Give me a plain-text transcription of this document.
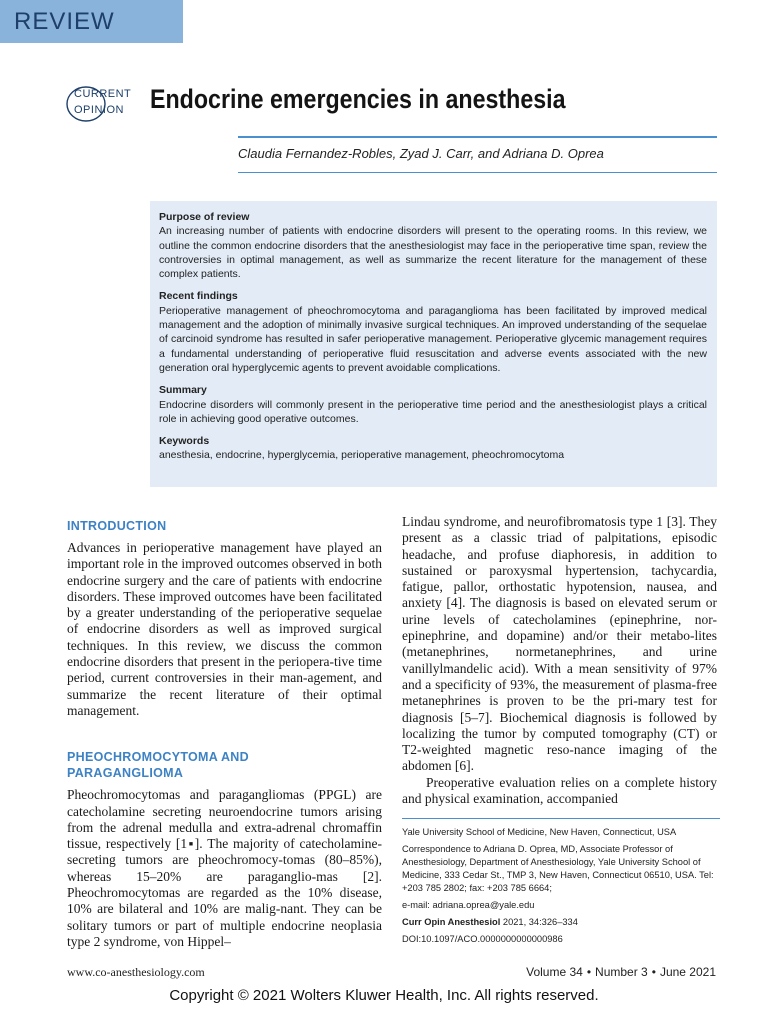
REVIEW
CURRENT
OPINION Endocrine emergencies in anesthesia
Claudia Fernandez-Robles, Zyad J. Carr, and Adriana D. Oprea
Purpose of review

An increasing number of patients with endocrine disorders will present to the operating rooms. In this review, we outline the common endocrine disorders that the anesthesiologist may face in the perioperative time span, review the controversies in optimal management, as well as summarize the recent literature for the management of these complex patients.

Recent findings

Perioperative management of pheochromocytoma and paraganglioma has been facilitated by improved medical management and the adoption of minimally invasive surgical techniques. An improved understanding of the sequelae of carcinoid syndrome has resulted in safer perioperative management. Perioperative glycemic management requires a fundamental understanding of perioperative fluid resuscitation and adverse events associated with the new generation oral hyperglycemic agents to prevent avoidable complications.

Summary

Endocrine disorders will commonly present in the perioperative time period and the anesthesiologist plays a critical role in achieving good operative outcomes.

Keywords

anesthesia, endocrine, hyperglycemia, perioperative management, pheochromocytoma

INTRODUCTION

Advances in perioperative management have played an important role in the improved outcomes observed in both endocrine surgery and the care of patients with endocrine disorders. These improved outcomes have been facilitated by a greater understanding of the perioperative sequelae of endocrine disorders as well as improved surgical techniques. In this review, we discuss the common endocrine disorders that present in the periopera-tive time period, current controversies in their man-agement, and summarize the recent literature of their optimal management.

PHEOCHROMOCYTOMA AND
PARAGANGLIOMA

Pheochromocytomas and paragangliomas (PPGL) are catecholamine secreting neuroendocrine tumors arising from the adrenal medulla and extra-adrenal chromaffin tissue, respectively [1▪]. The majority of catecholamine-secreting tumors are pheochromocy-tomas (80–85%), whereas 15–20% are paraganglio-mas [2]. Pheochromocytomas are regarded as the 10% disease, 10% are bilateral and 10% are malig-nant. They can be solitary tumors or part of multiple endocrine neoplasia type 2 syndrome, von Hippel–

Lindau syndrome, and neurofibromatosis type 1 [3]. They present as a classic triad of palpitations, episodic headache, and profuse diaphoresis, in addition to sustained or paroxysmal hypertension, tachycardia, fatigue, pallor, orthostatic hypotension, nausea, and anxiety [4]. The diagnosis is based on elevated serum or urine levels of catecholamines (epinephrine, nor-epinephrine, and dopamine) and/or their metabo-lites (metanephrines, normetanephrines, and urine vanillylmandelic acid). With a mean sensitivity of 97% and a specificity of 93%, the measurement of plasma-free metanephrines is proven to be the pri-mary test for diagnosis [5–7]. Biochemical diagnosis is followed by localizing the tumor by computed tomography (CT) or T2-weighted magnetic reso-nance imaging of the abdomen [6].

Preoperative evaluation relies on a complete history and physical examination, accompanied

Yale University School of Medicine, New Haven, Connecticut, USA

Correspondence to Adriana D. Oprea, MD, Associate Professor of Anesthesiology, Department of Anesthesiology, Yale University School of Medicine, 333 Cedar St., TMP 3, New Haven, Connecticut 06510, USA. Tel: +203 785 2802; fax: +203 785 6664;

e-mail: adriana.oprea@yale.edu

Curr Opin Anesthesiol 2021, 34:326–334

DOI:10.1097/ACO.0000000000000986

www.co-anesthesiology.com	Volume 34 • Number 3 • June 2021
Copyright © 2021 Wolters Kluwer Health, Inc. All rights reserved.
